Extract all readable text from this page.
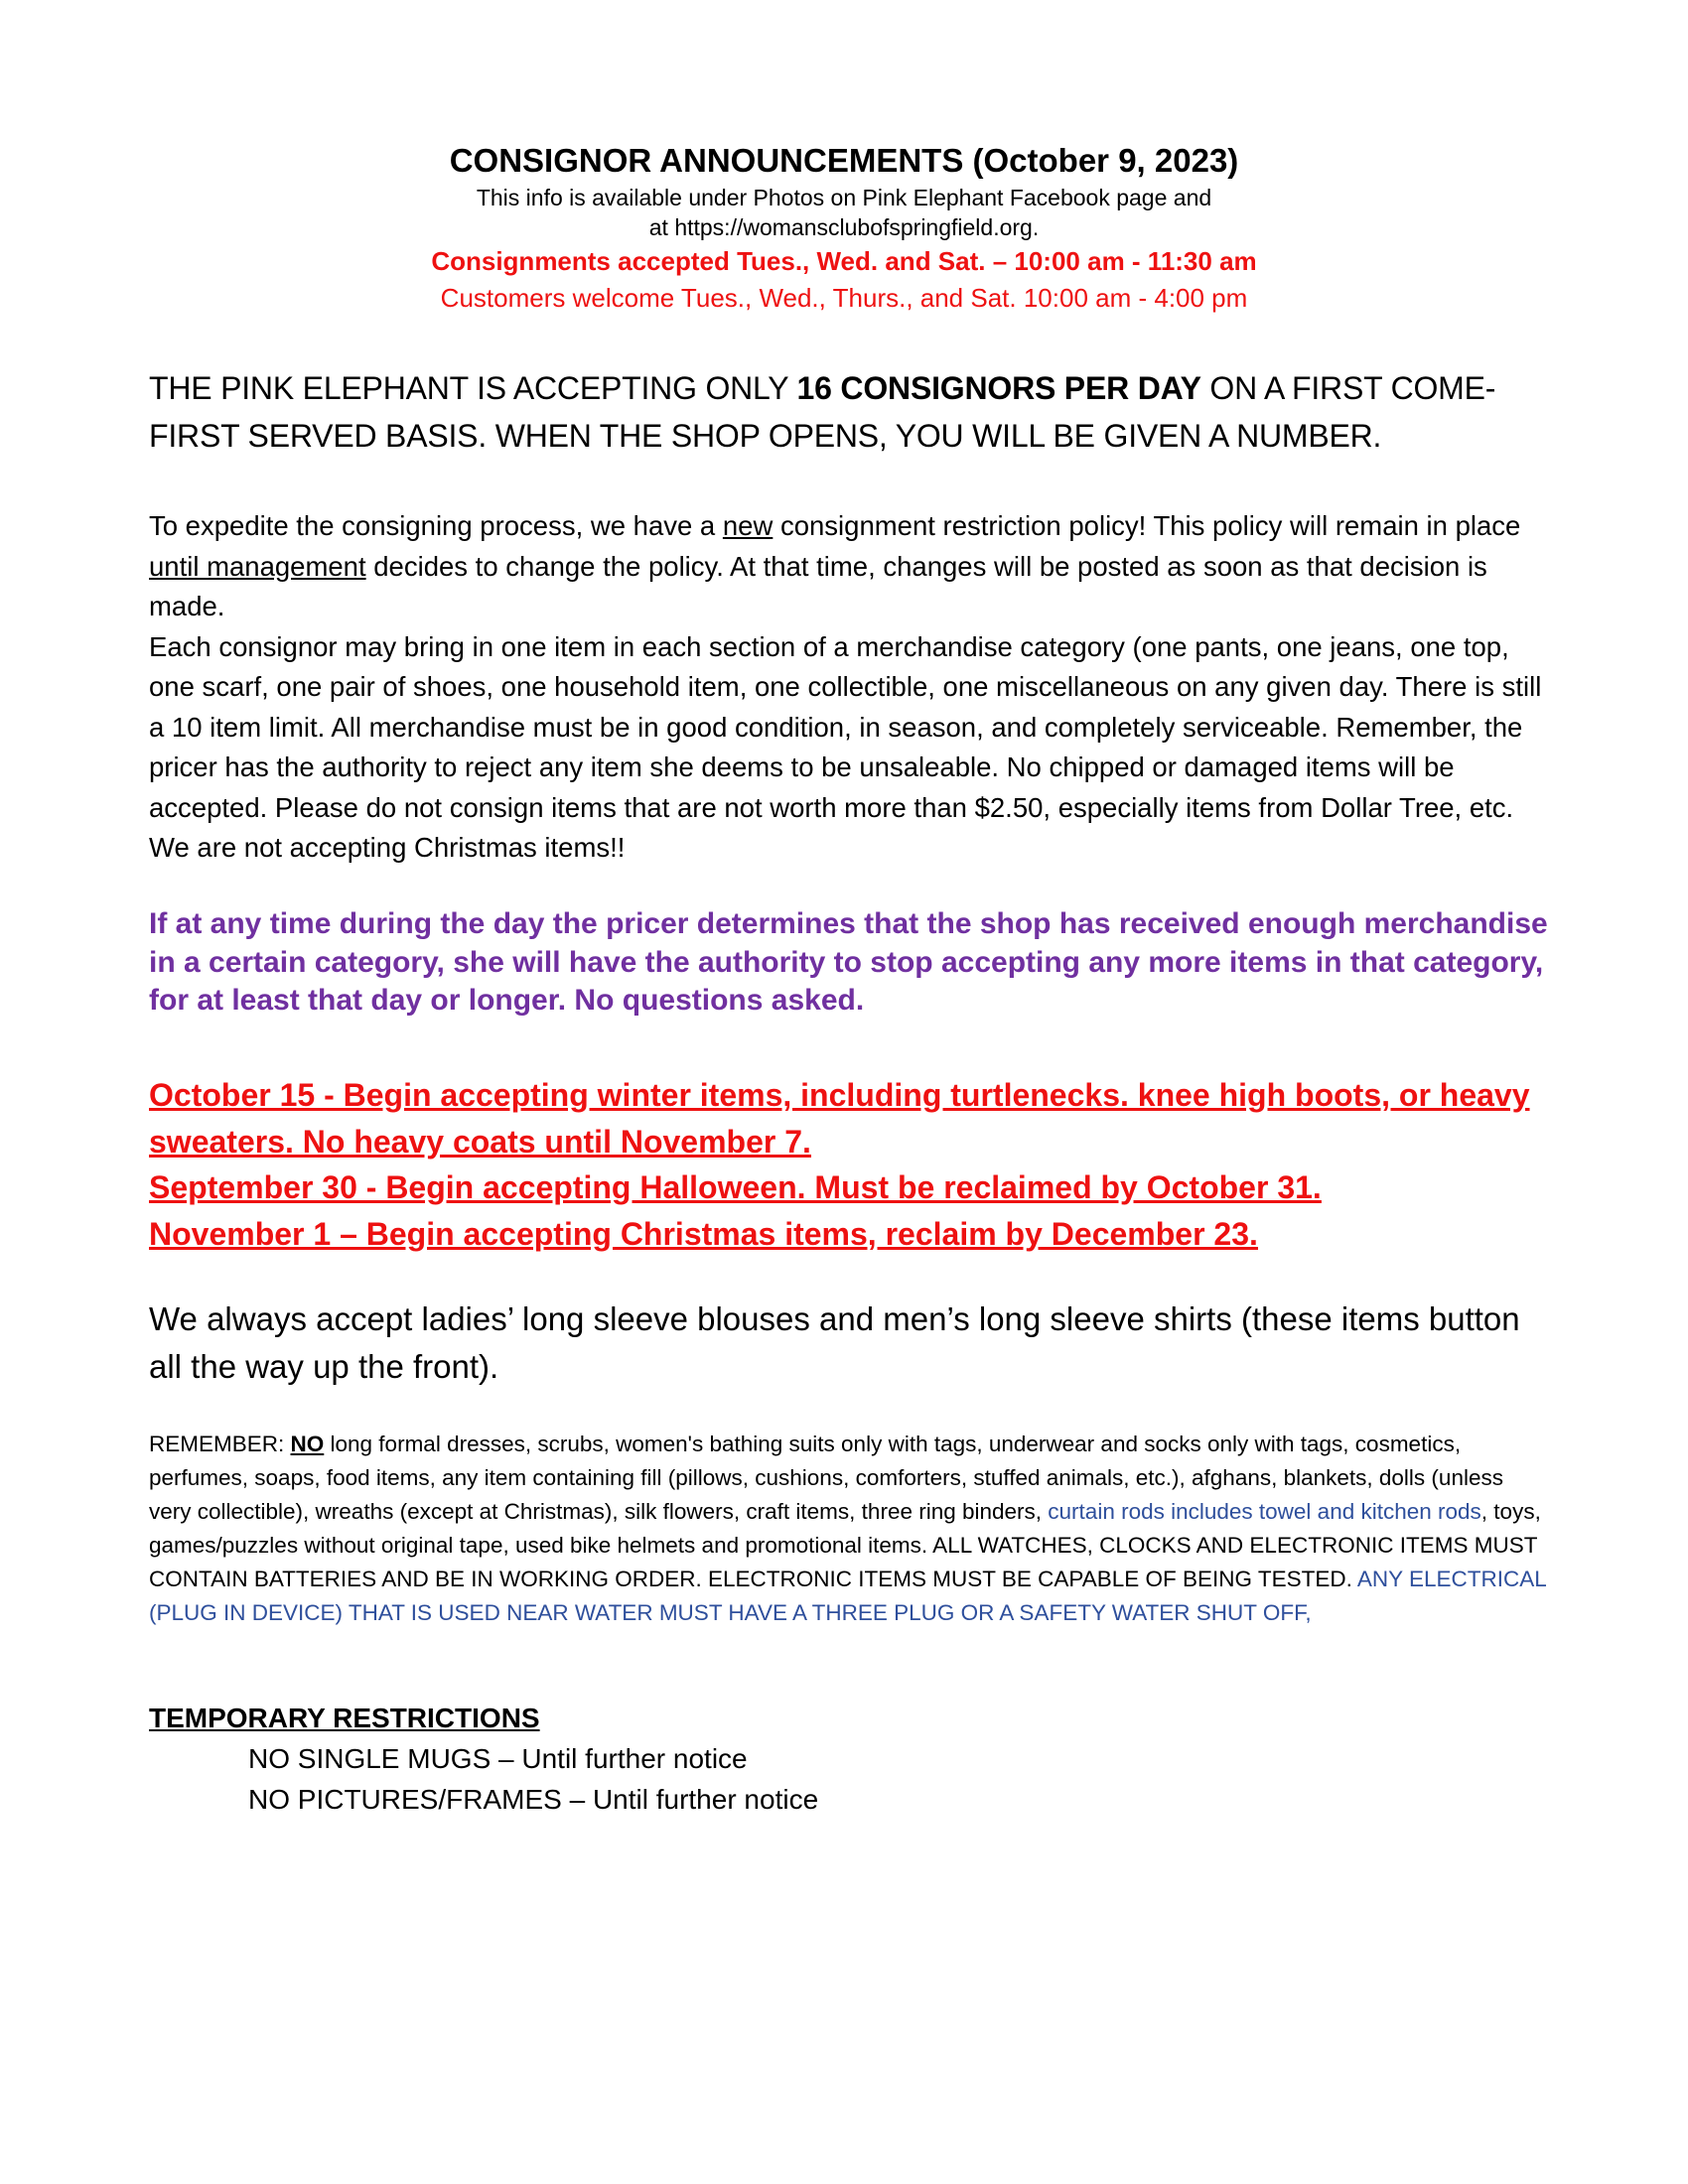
CONSIGNOR ANNOUNCEMENTS (October 9, 2023)
This info is available under Photos on Pink Elephant Facebook page and
at https://womansclubofspringfield.org.
Consignments accepted Tues., Wed. and Sat. – 10:00 am - 11:30 am
Customers welcome Tues., Wed., Thurs., and Sat. 10:00 am - 4:00 pm
THE PINK ELEPHANT IS ACCEPTING ONLY 16 CONSIGNORS PER DAY ON A FIRST COME-FIRST SERVED BASIS. WHEN THE SHOP OPENS, YOU WILL BE GIVEN A NUMBER.
To expedite the consigning process, we have a new consignment restriction policy! This policy will remain in place until management decides to change the policy. At that time, changes will be posted as soon as that decision is made.
Each consignor may bring in one item in each section of a merchandise category (one pants, one jeans, one top, one scarf, one pair of shoes, one household item, one collectible, one miscellaneous on any given day. There is still a 10 item limit. All merchandise must be in good condition, in season, and completely serviceable. Remember, the pricer has the authority to reject any item she deems to be unsaleable. No chipped or damaged items will be accepted. Please do not consign items that are not worth more than $2.50, especially items from Dollar Tree, etc. We are not accepting Christmas items!!
If at any time during the day the pricer determines that the shop has received enough merchandise in a certain category, she will have the authority to stop accepting any more items in that category, for at least that day or longer. No questions asked.
October 15 - Begin accepting winter items, including turtlenecks. knee high boots, or heavy sweaters. No heavy coats until November 7.
September 30 - Begin accepting Halloween. Must be reclaimed by October 31.
November 1 – Begin accepting Christmas items, reclaim by December 23.
We always accept ladies’ long sleeve blouses and men’s long sleeve shirts (these items button all the way up the front).
REMEMBER: NO long formal dresses, scrubs, women's bathing suits only with tags, underwear and socks only with tags, cosmetics, perfumes, soaps, food items, any item containing fill (pillows, cushions, comforters, stuffed animals, etc.), afghans, blankets, dolls (unless very collectible), wreaths (except at Christmas), silk flowers, craft items, three ring binders, curtain rods includes towel and kitchen rods, toys, games/puzzles without original tape, used bike helmets and promotional items. ALL WATCHES, CLOCKS AND ELECTRONIC ITEMS MUST CONTAIN BATTERIES AND BE IN WORKING ORDER. ELECTRONIC ITEMS MUST BE CAPABLE OF BEING TESTED. ANY ELECTRICAL (PLUG IN DEVICE) THAT IS USED NEAR WATER MUST HAVE A THREE PLUG OR A SAFETY WATER SHUT OFF,
TEMPORARY RESTRICTIONS
NO SINGLE MUGS – Until further notice
NO PICTURES/FRAMES – Until further notice
